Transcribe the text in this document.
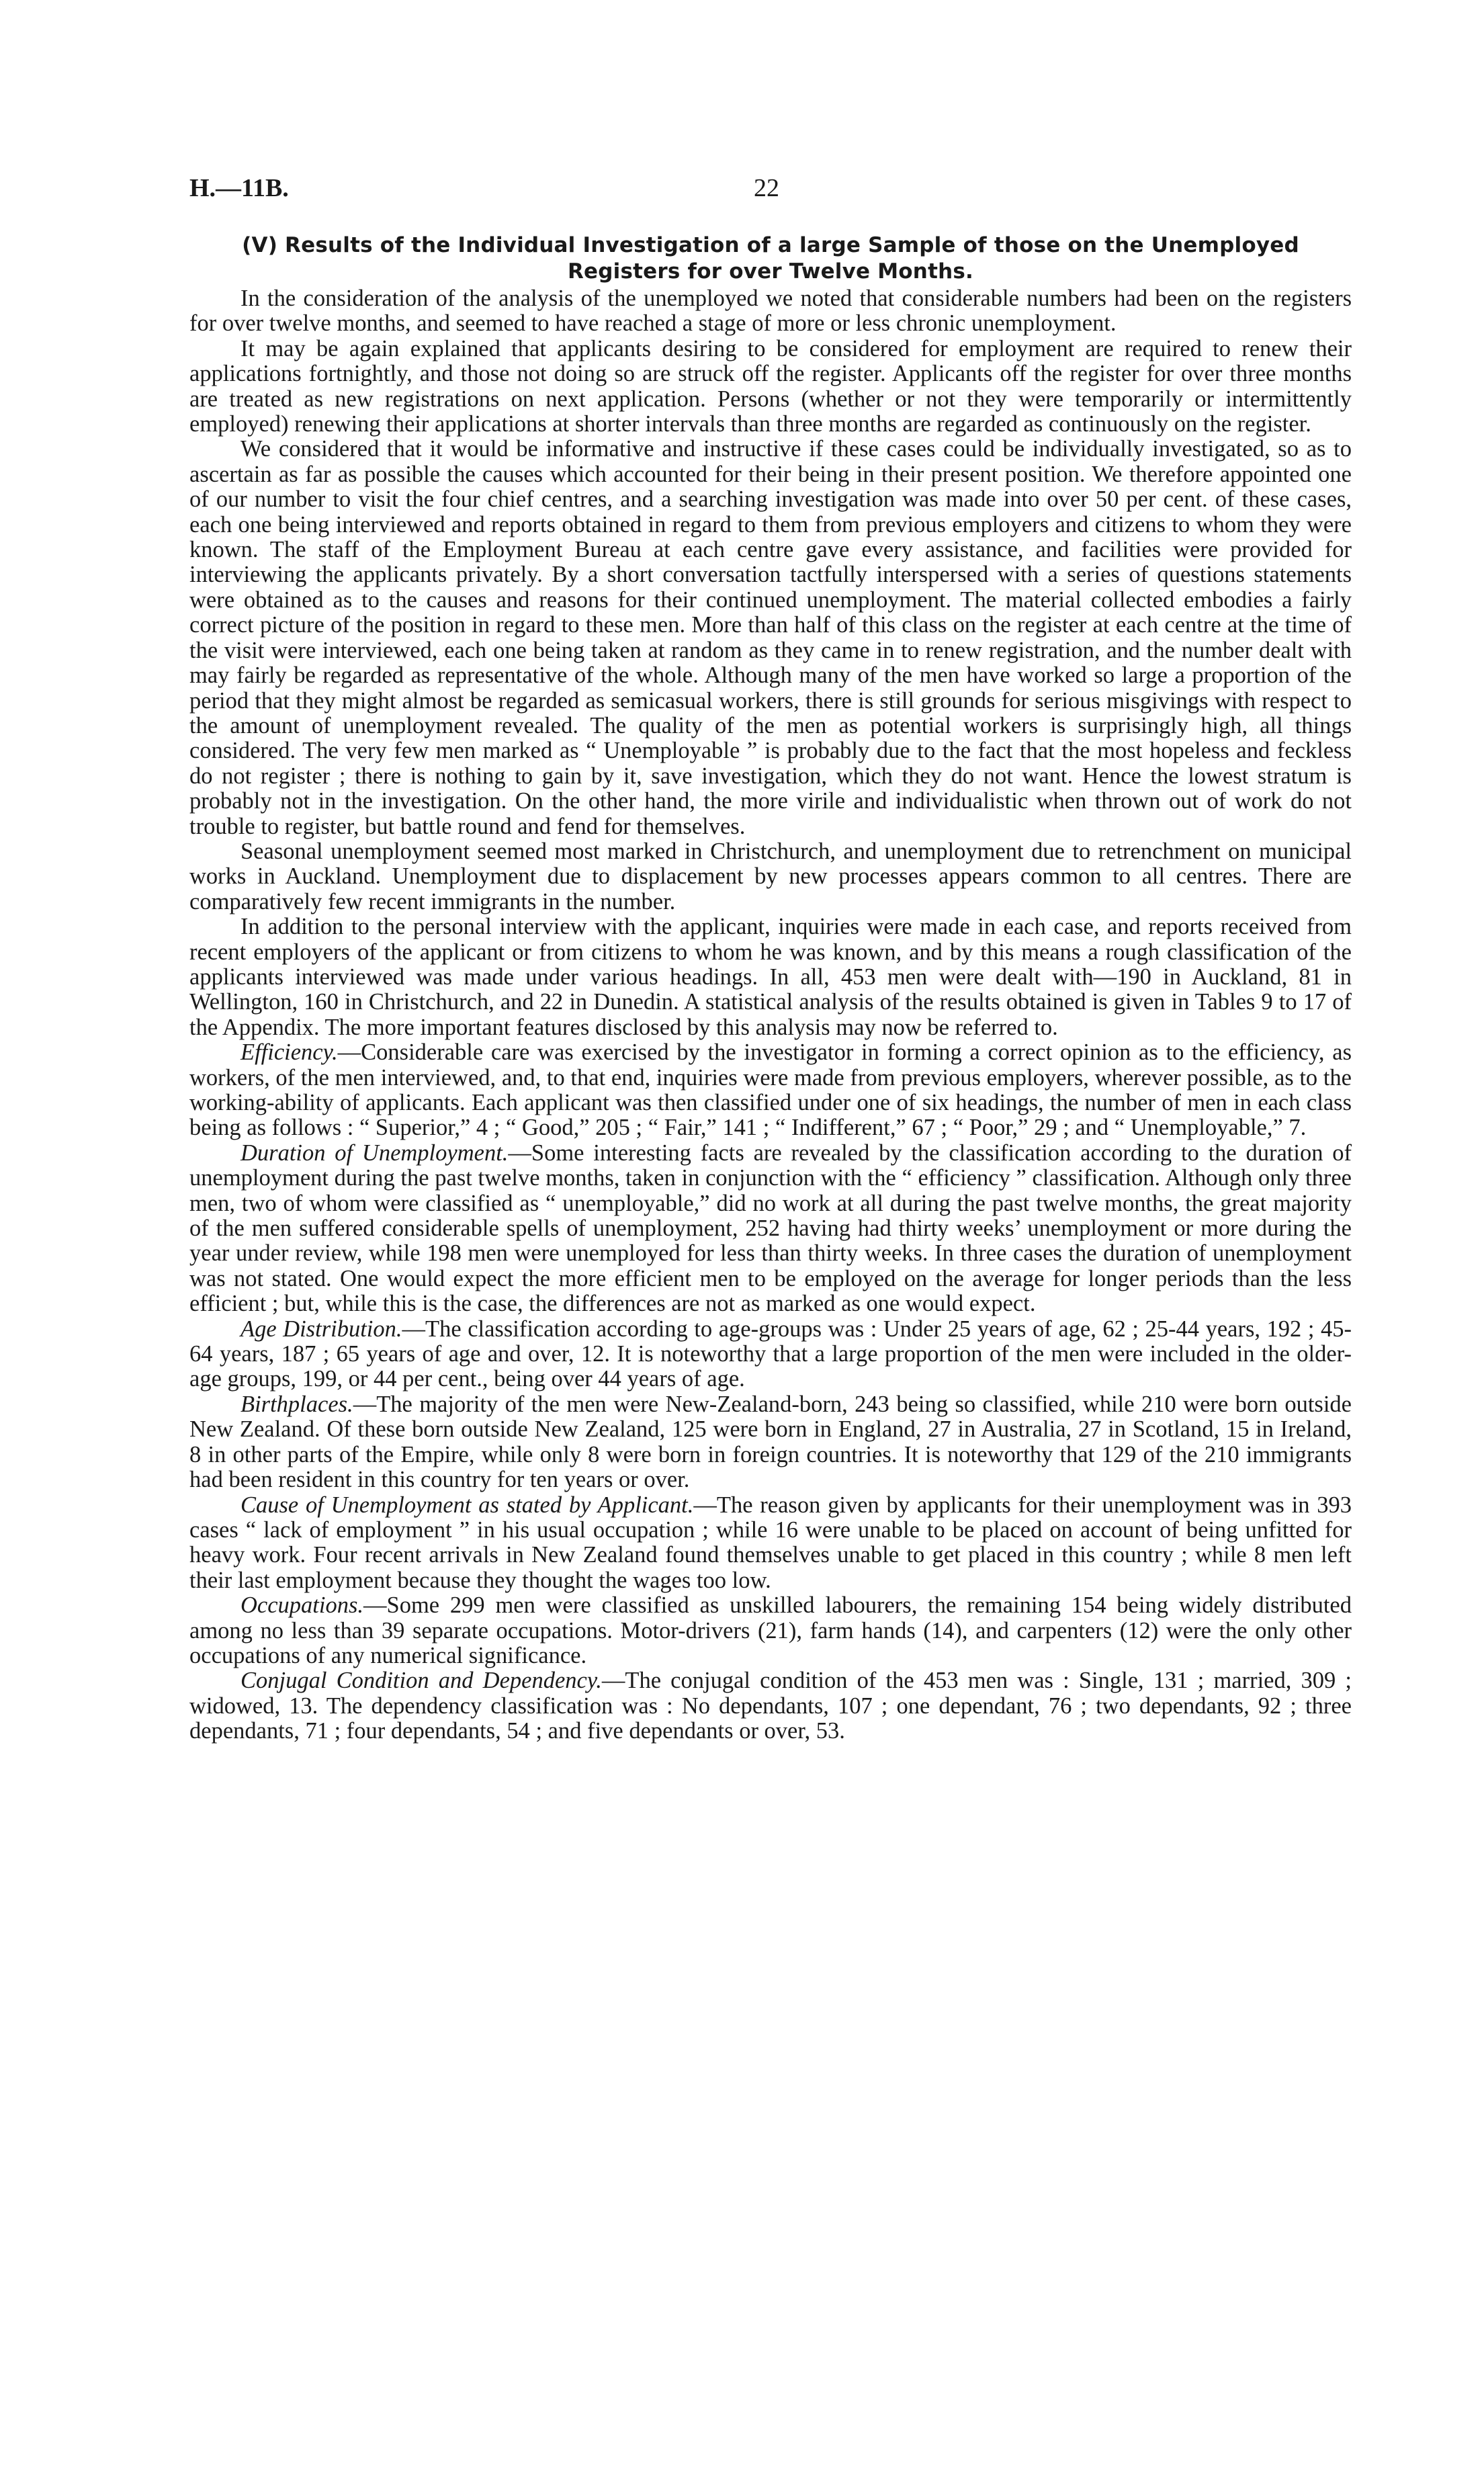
H.—11B.	22
(V) Results of the Individual Investigation of a large Sample of those on the Unemployed
Registers for over Twelve Months.

In the consideration of the analysis of the unemployed we noted that considerable numbers had been on the registers for over twelve months, and seemed to have reached a stage of more or less chronic unemployment.

It may be again explained that applicants desiring to be considered for employment are required to renew their applications fortnightly, and those not doing so are struck off the register. Applicants off the register for over three months are treated as new registrations on next application. Persons (whether or not they were temporarily or intermittently employed) renewing their applications at shorter intervals than three months are regarded as continuously on the register.

We considered that it would be informative and instructive if these cases could be individually investigated, so as to ascertain as far as possible the causes which accounted for their being in their present position. We therefore appointed one of our number to visit the four chief centres, and a searching investigation was made into over 50 per cent. of these cases, each one being interviewed and reports obtained in regard to them from previous employers and citizens to whom they were known. The staff of the Employment Bureau at each centre gave every assistance, and facilities were provided for interviewing the applicants privately. By a short conversation tactfully interspersed with a series of questions statements were obtained as to the causes and reasons for their continued unemployment. The material collected embodies a fairly correct picture of the position in regard to these men. More than half of this class on the register at each centre at the time of the visit were interviewed, each one being taken at random as they came in to renew registration, and the number dealt with may fairly be regarded as representative of the whole. Although many of the men have worked so large a proportion of the period that they might almost be regarded as semicasual workers, there is still grounds for serious misgivings with respect to the amount of unemployment revealed. The quality of the men as potential workers is surprisingly high, all things considered. The very few men marked as “ Unemployable ” is probably due to the fact that the most hopeless and feckless do not register ; there is nothing to gain by it, save investigation, which they do not want. Hence the lowest stratum is probably not in the investigation. On the other hand, the more virile and individualistic when thrown out of work do not trouble to register, but battle round and fend for themselves.

Seasonal unemployment seemed most marked in Christchurch, and unemployment due to retrenchment on municipal works in Auckland. Unemployment due to displacement by new processes appears common to all centres. There are comparatively few recent immigrants in the number.

In addition to the personal interview with the applicant, inquiries were made in each case, and reports received from recent employers of the applicant or from citizens to whom he was known, and by this means a rough classification of the applicants interviewed was made under various headings. In all, 453 men were dealt with—190 in Auckland, 81 in Wellington, 160 in Christchurch, and 22 in Dunedin. A statistical analysis of the results obtained is given in Tables 9 to 17 of the Appendix. The more important features disclosed by this analysis may now be referred to.

Efficiency.—Considerable care was exercised by the investigator in forming a correct opinion as to the efficiency, as workers, of the men interviewed, and, to that end, inquiries were made from previous employers, wherever possible, as to the working-ability of applicants. Each applicant was then classified under one of six headings, the number of men in each class being as follows : “ Superior,” 4 ; “ Good,” 205 ; “ Fair,” 141 ; “ Indifferent,” 67 ; “ Poor,” 29 ; and “ Unemployable,” 7.

Duration of Unemployment.—Some interesting facts are revealed by the classification according to the duration of unemployment during the past twelve months, taken in conjunction with the “ efficiency ” classification. Although only three men, two of whom were classified as “ unemployable,” did no work at all during the past twelve months, the great majority of the men suffered considerable spells of unemployment, 252 having had thirty weeks’ unemployment or more during the year under review, while 198 men were unemployed for less than thirty weeks. In three cases the duration of unemployment was not stated. One would expect the more efficient men to be employed on the average for longer periods than the less efficient ; but, while this is the case, the differences are not as marked as one would expect.

Age Distribution.—The classification according to age-groups was : Under 25 years of age, 62 ; 25-44 years, 192 ; 45-64 years, 187 ; 65 years of age and over, 12. It is noteworthy that a large proportion of the men were included in the older-age groups, 199, or 44 per cent., being over 44 years of age.

Birthplaces.—The majority of the men were New-Zealand-born, 243 being so classified, while 210 were born outside New Zealand. Of these born outside New Zealand, 125 were born in England, 27 in Australia, 27 in Scotland, 15 in Ireland, 8 in other parts of the Empire, while only 8 were born in foreign countries. It is noteworthy that 129 of the 210 immigrants had been resident in this country for ten years or over.

Cause of Unemployment as stated by Applicant.—The reason given by applicants for their unemployment was in 393 cases “ lack of employment ” in his usual occupation ; while 16 were unable to be placed on account of being unfitted for heavy work. Four recent arrivals in New Zealand found themselves unable to get placed in this country ; while 8 men left their last employment because they thought the wages too low.

Occupations.—Some 299 men were classified as unskilled labourers, the remaining 154 being widely distributed among no less than 39 separate occupations. Motor-drivers (21), farm hands (14), and carpenters (12) were the only other occupations of any numerical significance.

Conjugal Condition and Dependency.—The conjugal condition of the 453 men was : Single, 131 ; married, 309 ; widowed, 13. The dependency classification was : No dependants, 107 ; one dependant, 76 ; two dependants, 92 ; three dependants, 71 ; four dependants, 54 ; and five dependants or over, 53.
